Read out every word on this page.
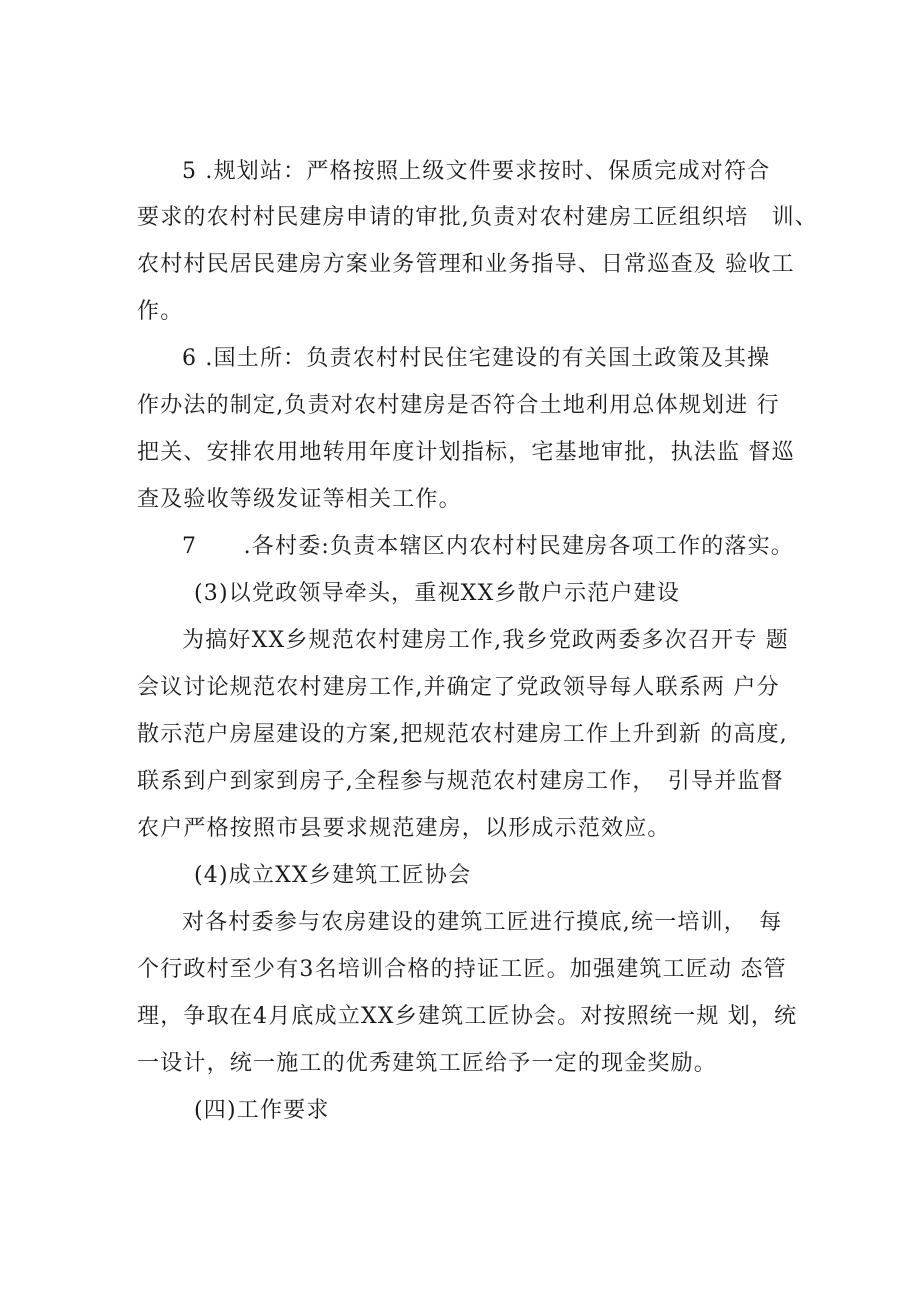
5 .规划站：严格按照上级文件要求按时、保质完成对符合
要求的农村村民建房申请的审批,负责对农村建房工匠组织培　训、
农村村民居民建房方案业务管理和业务指导、日常巡查及 验收工
作。
6 .国土所：负责农村村民住宅建设的有关国土政策及其操
作办法的制定,负责对农村建房是否符合土地利用总体规划进 行
把关、安排农用地转用年度计划指标，宅基地审批，执法监 督巡
查及验收等级发证等相关工作。
7　　.各村委:负责本辖区内农村村民建房各项工作的落实。
(3)以党政领导牵头，重视XX乡散户示范户建设
为搞好XX乡规范农村建房工作,我乡党政两委多次召开专 题
会议讨论规范农村建房工作,并确定了党政领导每人联系两 户分
散示范户房屋建设的方案,把规范农村建房工作上升到新 的高度,
联系到户到家到房子,全程参与规范农村建房工作，　引导并监督
农户严格按照市县要求规范建房，以形成示范效应。
(4)成立XX乡建筑工匠协会
对各村委参与农房建设的建筑工匠进行摸底,统一培训，　每
个行政村至少有3名培训合格的持证工匠。加强建筑工匠动 态管
理，争取在4月底成立XX乡建筑工匠协会。对按照统一规 划，统
一设计，统一施工的优秀建筑工匠给予一定的现金奖励。
(四)工作要求
